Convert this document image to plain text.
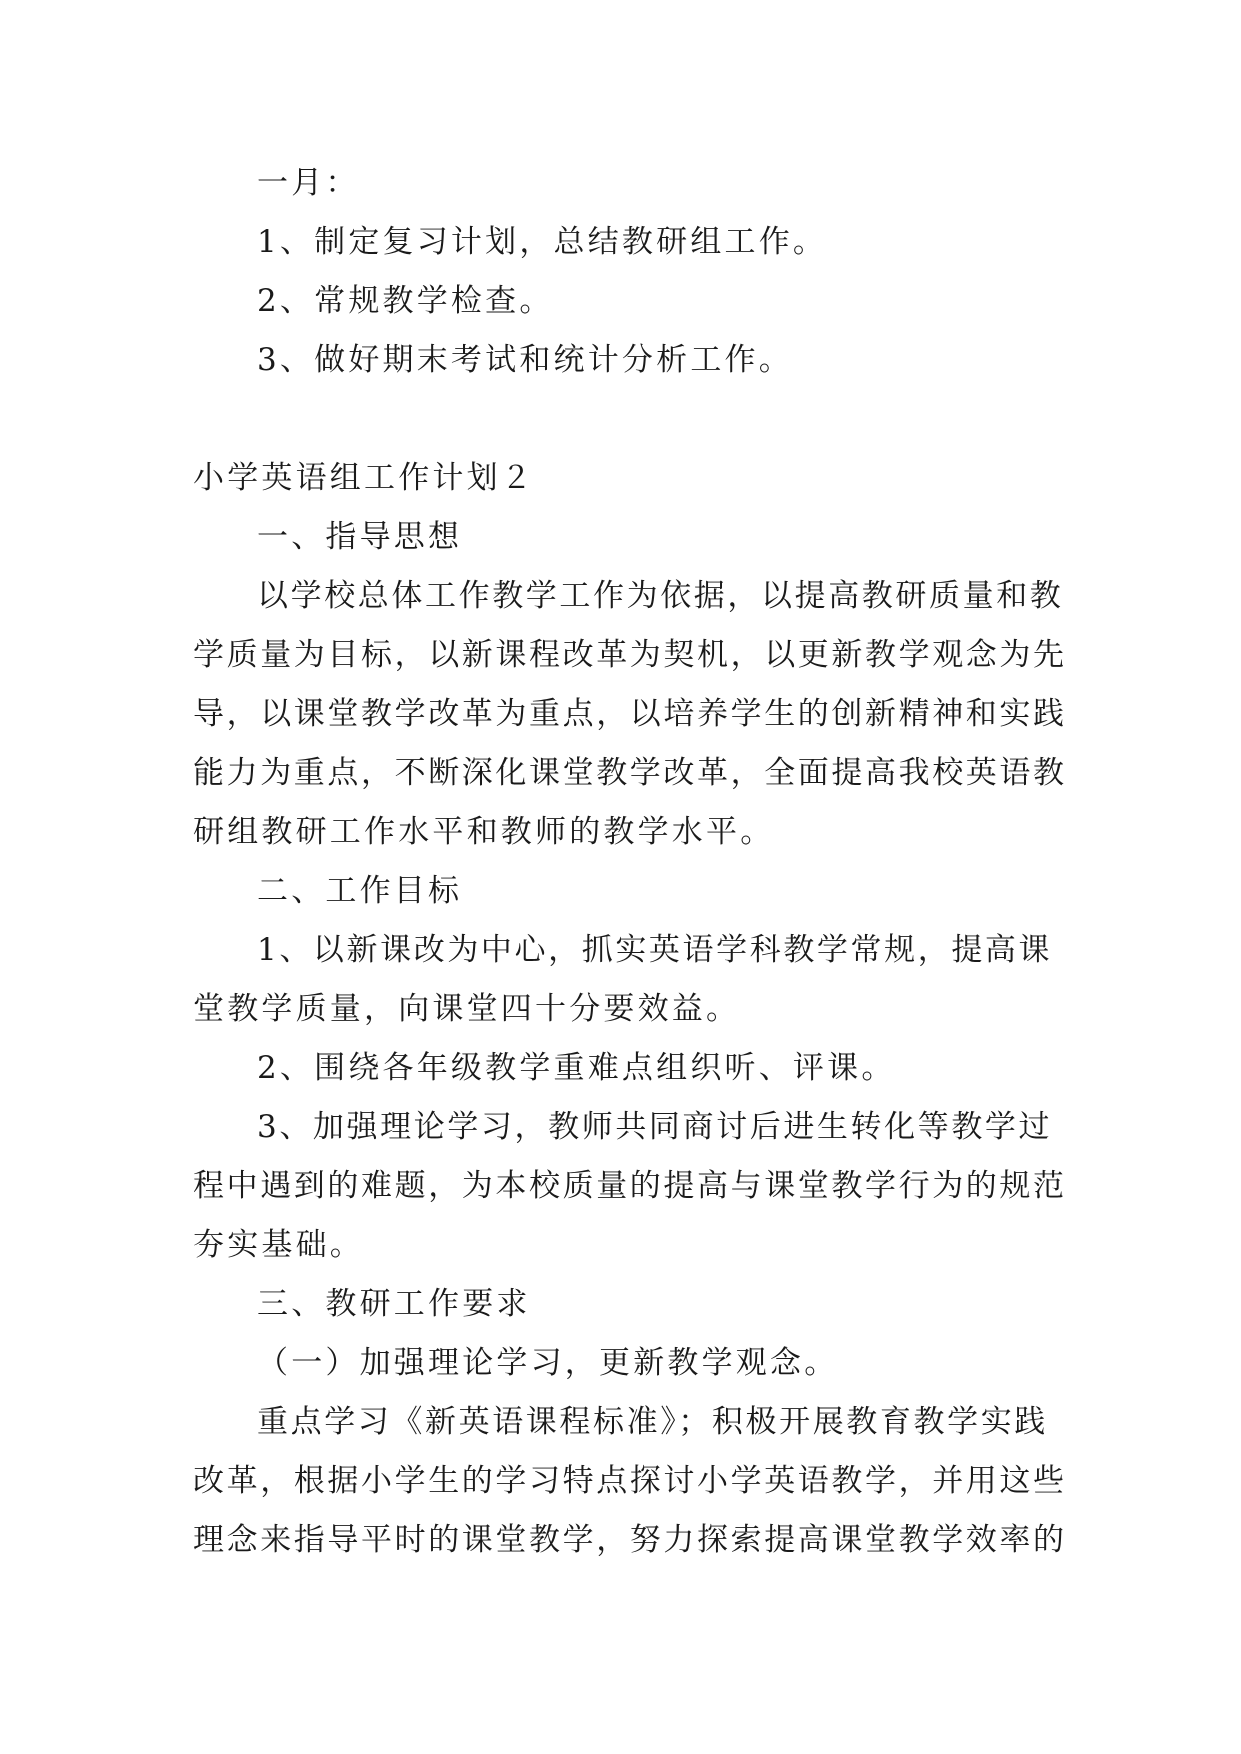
一月：

1、制定复习计划，总结教研组工作。

2、常规教学检查。

3、做好期末考试和统计分析工作。

小学英语组工作计划２

一、指导思想

以学校总体工作教学工作为依据，以提高教研质量和教

学质量为目标，以新课程改革为契机，以更新教学观念为先

导，以课堂教学改革为重点，以培养学生的创新精神和实践

能力为重点，不断深化课堂教学改革，全面提高我校英语教

研组教研工作水平和教师的教学水平。

二、工作目标

1、以新课改为中心，抓实英语学科教学常规，提高课

堂教学质量，向课堂四十分要效益。

2、围绕各年级教学重难点组织听、评课。

3、加强理论学习，教师共同商讨后进生转化等教学过

程中遇到的难题，为本校质量的提高与课堂教学行为的规范

夯实基础。

三、教研工作要求

（一）加强理论学习，更新教学观念。

重点学习《新英语课程标准》；积极开展教育教学实践

改革，根据小学生的学习特点探讨小学英语教学，并用这些

理念来指导平时的课堂教学，努力探索提高课堂教学效率的
